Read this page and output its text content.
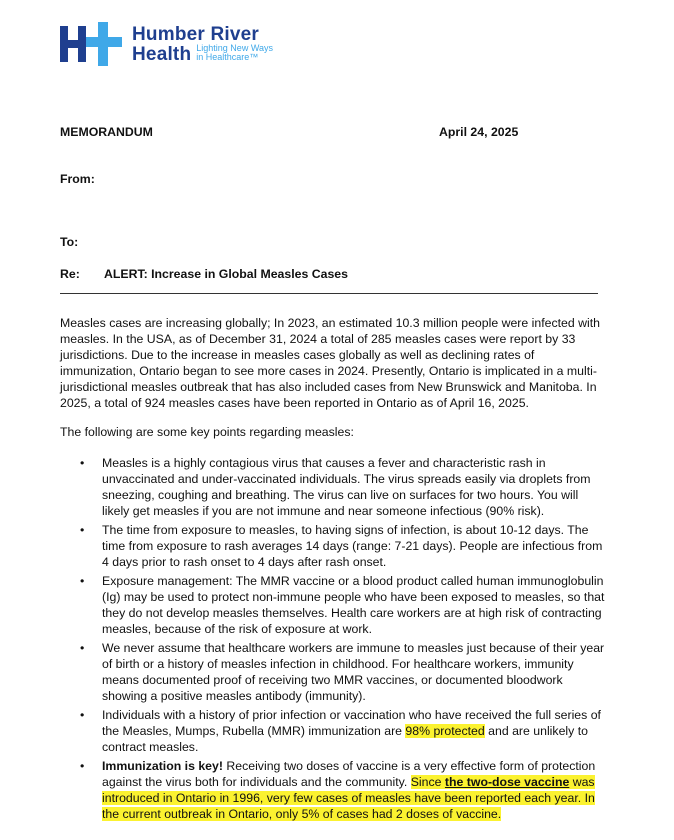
Humber River
Health Lighting New Ways
in Healthcare™
MEMORANDUM	April 24, 2025
From:
To:
Re: ALERT: Increase in Global Measles Cases
Measles cases are increasing globally; In 2023, an estimated 10.3 million people were infected with measles. In the USA, as of December 31, 2024 a total of 285 measles cases were report by 33 jurisdictions. Due to the increase in measles cases globally as well as declining rates of immunization, Ontario began to see more cases in 2024. Presently, Ontario is implicated in a multi-jurisdictional measles outbreak that has also included cases from New Brunswick and Manitoba. In 2025, a total of 924 measles cases have been reported in Ontario as of April 16, 2025.
The following are some key points regarding measles:
• Measles is a highly contagious virus that causes a fever and characteristic rash in unvaccinated and under-vaccinated individuals. The virus spreads easily via droplets from sneezing, coughing and breathing. The virus can live on surfaces for two hours. You will likely get measles if you are not immune and near someone infectious (90% risk).
• The time from exposure to measles, to having signs of infection, is about 10-12 days. The time from exposure to rash averages 14 days (range: 7-21 days). People are infectious from 4 days prior to rash onset to 4 days after rash onset.
• Exposure management: The MMR vaccine or a blood product called human immunoglobulin (Ig) may be used to protect non-immune people who have been exposed to measles, so that they do not develop measles themselves. Health care workers are at high risk of contracting measles, because of the risk of exposure at work.
• We never assume that healthcare workers are immune to measles just because of their year of birth or a history of measles infection in childhood. For healthcare workers, immunity means documented proof of receiving two MMR vaccines, or documented bloodwork showing a positive measles antibody (immunity).
• Individuals with a history of prior infection or vaccination who have received the full series of the Measles, Mumps, Rubella (MMR) immunization are 98% protected and are unlikely to contract measles.
• Immunization is key! Receiving two doses of vaccine is a very effective form of protection against the virus both for individuals and the community. Since the two-dose vaccine was introduced in Ontario in 1996, very few cases of measles have been reported each year. In the current outbreak in Ontario, only 5% of cases had 2 doses of vaccine.
